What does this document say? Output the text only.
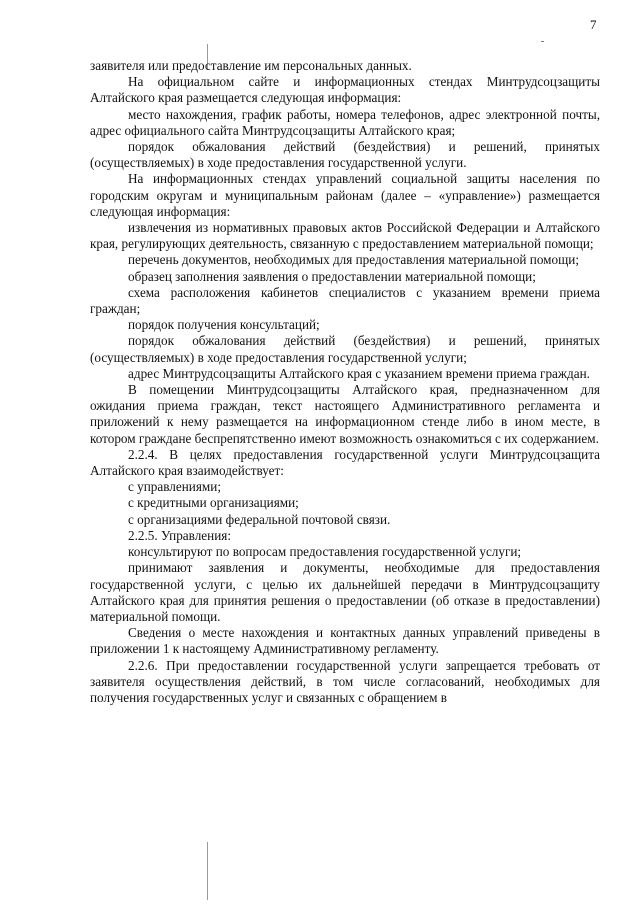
7

заявителя или предоставление им персональных данных.

На официальном сайте и информационных стендах Минтрудсоцзащиты Алтайского края размещается следующая информация:

место нахождения, график работы, номера телефонов, адрес электронной почты, адрес официального сайта Минтрудсоцзащиты Алтайского края;

порядок обжалования действий (бездействия) и решений, принятых (осуществляемых) в ходе предоставления государственной услуги.

На информационных стендах управлений социальной защиты населения по городским округам и муниципальным районам (далее – «управление») размещается следующая информация:

извлечения из нормативных правовых актов Российской Федерации и Алтайского края, регулирующих деятельность, связанную с предоставлением материальной помощи;

перечень документов, необходимых для предоставления материальной помощи;

образец заполнения заявления о предоставлении материальной помощи;

схема расположения кабинетов специалистов с указанием времени приема граждан;

порядок получения консультаций;

порядок обжалования действий (бездействия) и решений, принятых (осуществляемых) в ходе предоставления государственной услуги;

адрес Минтрудсоцзащиты Алтайского края с указанием времени приема граждан.

В помещении Минтрудсоцзащиты Алтайского края, предназначенном для ожидания приема граждан, текст настоящего Административного регламента и приложений к нему размещается на информационном стенде либо в ином месте, в котором граждане беспрепятственно имеют возможность ознакомиться с их содержанием.

2.2.4. В целях предоставления государственной услуги Минтрудсоцзащита Алтайского края взаимодействует:

с управлениями;

с кредитными организациями;

с организациями федеральной почтовой связи.

2.2.5. Управления:

консультируют по вопросам предоставления государственной услуги;

принимают заявления и документы, необходимые для предоставления государственной услуги, с целью их дальнейшей передачи в Минтрудсоцзащиту Алтайского края для принятия решения о предоставлении (об отказе в предоставлении) материальной помощи.

Сведения о месте нахождения и контактных данных управлений приведены в приложении 1 к настоящему Административному регламенту.

2.2.6. При предоставлении государственной услуги запрещается требовать от заявителя осуществления действий, в том числе согласований, необходимых для получения государственных услуг и связанных с обращением в
